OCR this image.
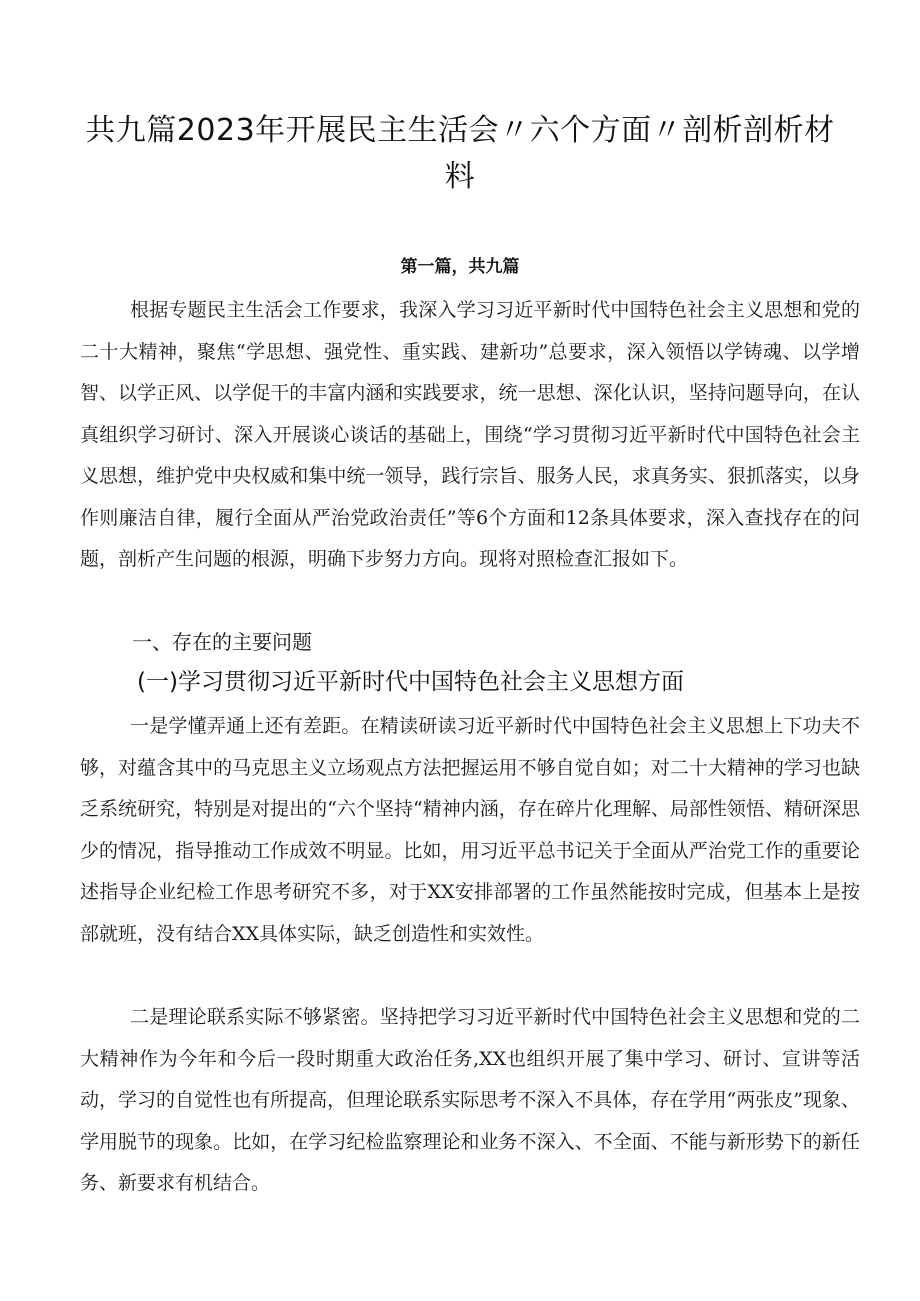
共九篇2023年开展民主生活会〃六个方面〃剖析剖析材料
第一篇，共九篇

根据专题民主生活会工作要求，我深入学习习近平新时代中国特色社会主义思想和党的二十大精神，聚焦“学思想、强党性、重实践、建新功”总要求，深入领悟以学铸魂、以学增智、以学正风、以学促干的丰富内涵和实践要求，统一思想、深化认识，坚持问题导向，在认真组织学习研讨、深入开展谈心谈话的基础上，围绕“学习贯彻习近平新时代中国特色社会主义思想，维护党中央权威和集中统一领导，践行宗旨、服务人民，求真务实、狠抓落实，以身作则廉洁自律，履行全面从严治党政治责任”等6个方面和12条具体要求，深入查找存在的问题，剖析产生问题的根源，明确下步努力方向。现将对照检查汇报如下。

一、存在的主要问题
(一)学习贯彻习近平新时代中国特色社会主义思想方面

一是学懂弄通上还有差距。在精读研读习近平新时代中国特色社会主义思想上下功夫不够，对蕴含其中的马克思主义立场观点方法把握运用不够自觉自如；对二十大精神的学习也缺乏系统研究，特别是对提出的“六个坚持“精神内涵，存在碎片化理解、局部性领悟、精研深思少的情况，指导推动工作成效不明显。比如，用习近平总书记关于全面从严治党工作的重要论述指导企业纪检工作思考研究不多，对于XX安排部署的工作虽然能按时完成，但基本上是按部就班，没有结合XX具体实际，缺乏创造性和实效性。

二是理论联系实际不够紧密。坚持把学习习近平新时代中国特色社会主义思想和党的二大精神作为今年和今后一段时期重大政治任务,XX也组织开展了集中学习、研讨、宣讲等活动，学习的自觉性也有所提高，但理论联系实际思考不深入不具体，存在学用“两张皮”现象、学用脱节的现象。比如，在学习纪检监察理论和业务不深入、不全面、不能与新形势下的新任务、新要求有机结合。
